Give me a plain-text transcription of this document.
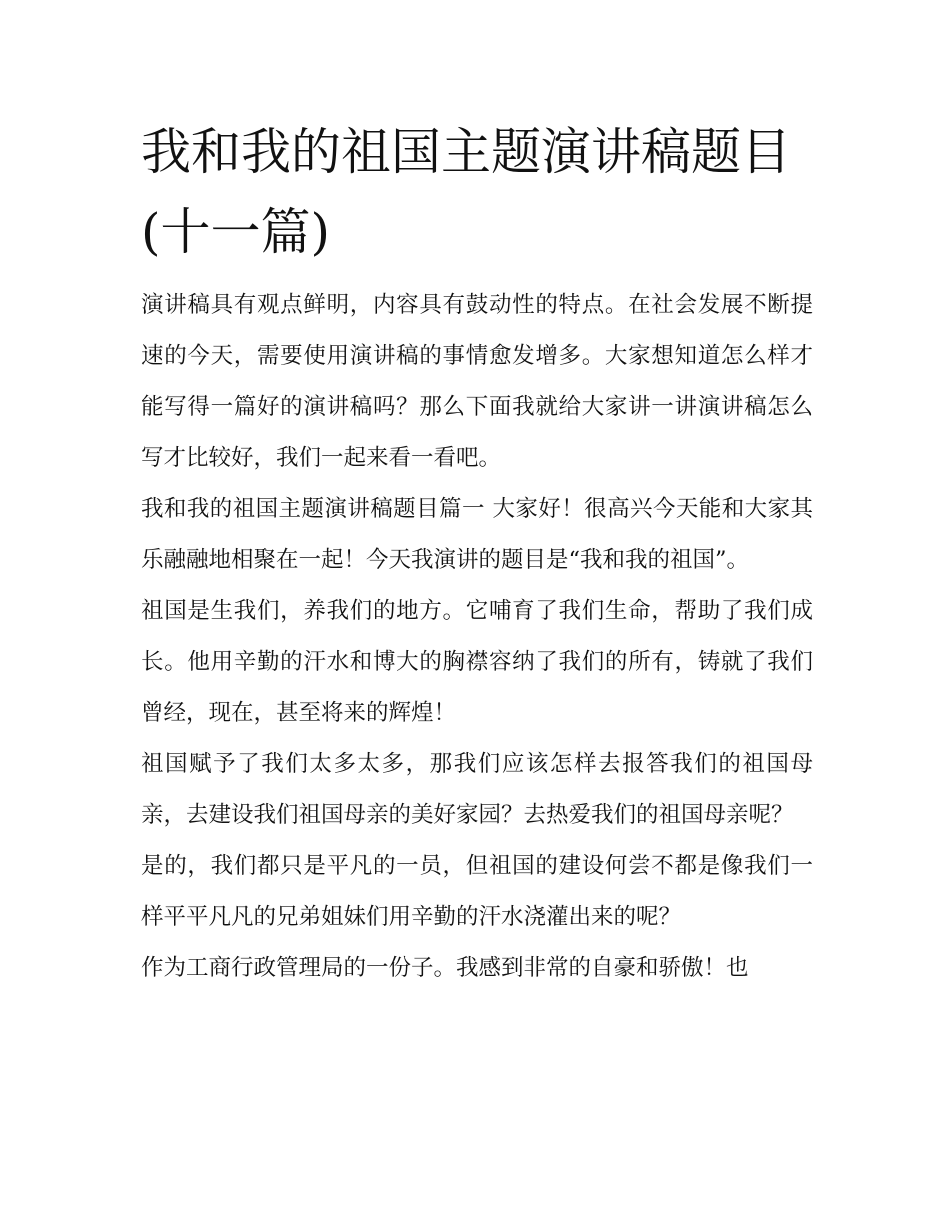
我和我的祖国主题演讲稿题目(十一篇)

演讲稿具有观点鲜明，内容具有鼓动性的特点。在社会发展不断提速的今天，需要使用演讲稿的事情愈发增多。大家想知道怎么样才能写得一篇好的演讲稿吗？那么下面我就给大家讲一讲演讲稿怎么写才比较好，我们一起来看一看吧。

我和我的祖国主题演讲稿题目篇一 大家好！很高兴今天能和大家其乐融融地相聚在一起！今天我演讲的题目是“我和我的祖国”。

祖国是生我们，养我们的地方。它哺育了我们生命，帮助了我们成长。他用辛勤的汗水和博大的胸襟容纳了我们的所有，铸就了我们曾经，现在，甚至将来的辉煌！

祖国赋予了我们太多太多，那我们应该怎样去报答我们的祖国母亲，去建设我们祖国母亲的美好家园？去热爱我们的祖国母亲呢？

是的，我们都只是平凡的一员，但祖国的建设何尝不都是像我们一样平平凡凡的兄弟姐妹们用辛勤的汗水浇灌出来的呢？

作为工商行政管理局的一份子。我感到非常的自豪和骄傲！也
